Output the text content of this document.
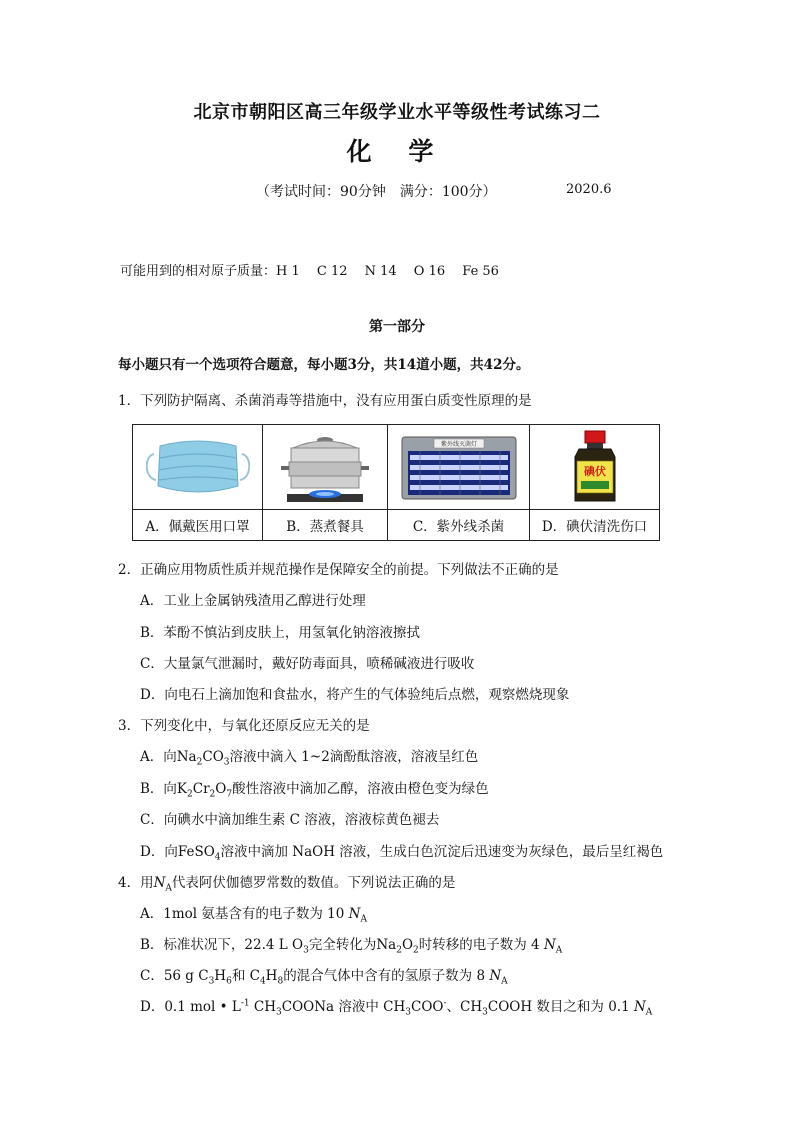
北京市朝阳区高三年级学业水平等级性考试练习二
化 学
（考试时间：90分钟　满分：100分）	2020.6
可能用到的相对原子质量：H 1　 C 12　 N 14　 O 16　 Fe 56
第一部分
每小题只有一个选项符合题意，每小题3分，共14道小题，共42分。
1．下列防护隔离、杀菌消毒等措施中，没有应用蛋白质变性原理的是

紫外线灭菌灯	碘伏

A．佩戴医用口罩	B．蒸煮餐具	C．紫外线杀菌	D．碘伏清洗伤口
2．正确应用物质性质并规范操作是保障安全的前提。下列做法不正确的是
A．工业上金属钠残渣用乙醇进行处理
B．苯酚不慎沾到皮肤上，用氢氧化钠溶液擦拭
C．大量氯气泄漏时，戴好防毒面具，喷稀碱液进行吸收
D．向电石上滴加饱和食盐水，将产生的气体验纯后点燃，观察燃烧现象
3．下列变化中，与氧化还原反应无关的是
A．向$Na_2CO_3$溶液中滴入 1~2滴酚酞溶液，溶液呈红色
B．向$K_2Cr_2O_7$酸性溶液中滴加乙醇，溶液由橙色变为绿色
C．向碘水中滴加维生素 C 溶液，溶液棕黄色褪去
D．向FeSO$_4$溶液中滴加 NaOH 溶液，生成白色沉淀后迅速变为灰绿色，最后呈红褐色
4．用$N_A$代表阿伏伽德罗常数的数值。下列说法正确的是
A．1mol 氨基含有的电子数为 10 $N_A$
B．标准状况下，22.4 L $O_3$完全转化为$Na_2O_2$时转移的电子数为 4 $N_A$
C．56 g $C_3H_6$和 $C_4H_8$的混合气体中含有的氢原子数为 8 $N_A$
D．0.1 mol • $L^{-1}$ $CH_3COONa$ 溶液中 $CH_3COO^-$、$CH_3COOH$ 数目之和为 0.1 $N_A$
